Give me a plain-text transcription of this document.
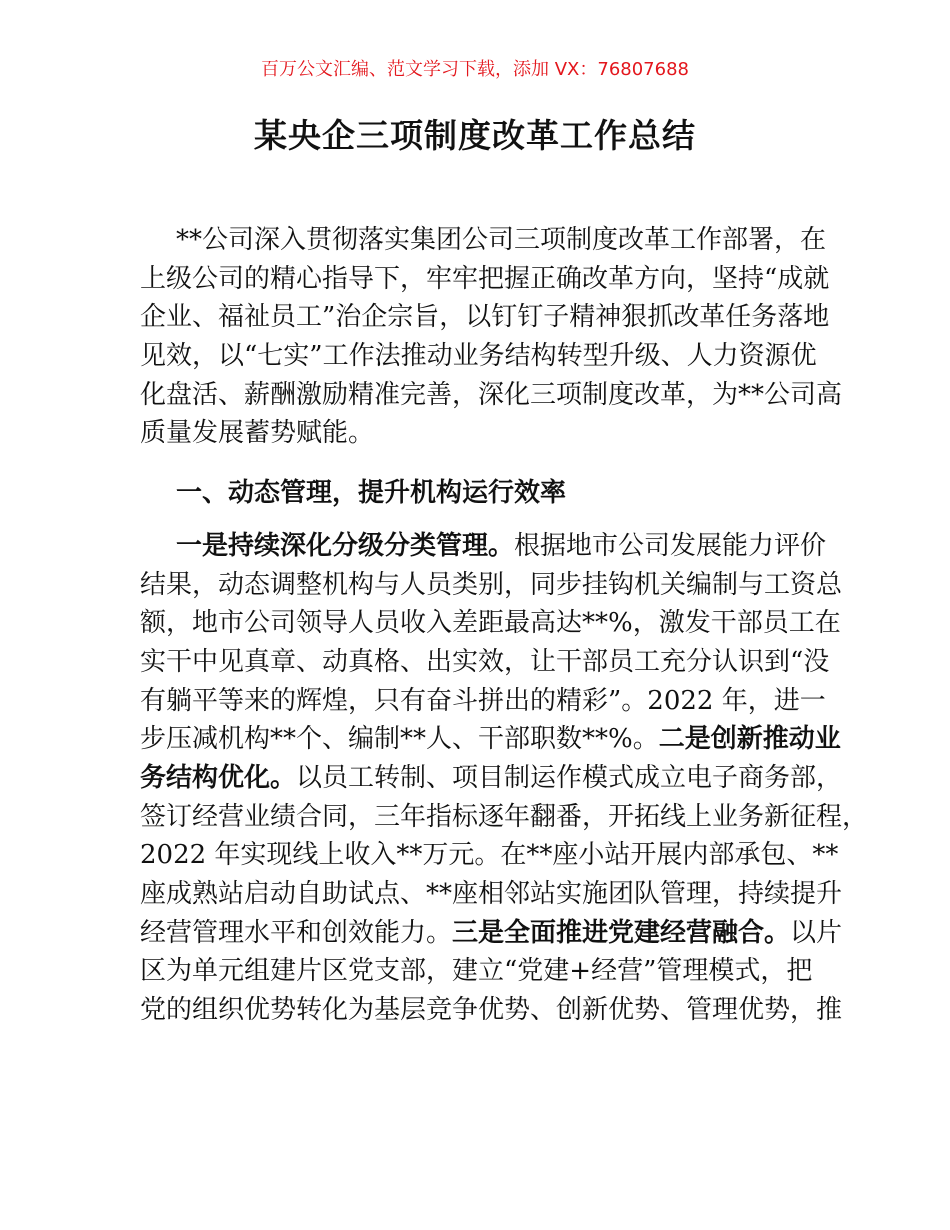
百万公文汇编、范文学习下载，添加 VX：76807688
某央企三项制度改革工作总结
**公司深入贯彻落实集团公司三项制度改革工作部署，在
上级公司的精心指导下，牢牢把握正确改革方向，坚持“成就
企业、福祉员工”治企宗旨，以钉钉子精神狠抓改革任务落地
见效，以“七实”工作法推动业务结构转型升级、人力资源优
化盘活、薪酬激励精准完善，深化三项制度改革，为**公司高
质量发展蓄势赋能。
一、动态管理，提升机构运行效率
一是持续深化分级分类管理。根据地市公司发展能力评价
结果，动态调整机构与人员类别，同步挂钩机关编制与工资总
额，地市公司领导人员收入差距最高达**%，激发干部员工在
实干中见真章、动真格、出实效，让干部员工充分认识到“没
有躺平等来的辉煌，只有奋斗拼出的精彩”。2022 年，进一
步压减机构**个、编制**人、干部职数**%。二是创新推动业
务结构优化。以员工转制、项目制运作模式成立电子商务部，
签订经营业绩合同，三年指标逐年翻番，开拓线上业务新征程，
2022 年实现线上收入**万元。在**座小站开展内部承包、**
座成熟站启动自助试点、**座相邻站实施团队管理，持续提升
经营管理水平和创效能力。三是全面推进党建经营融合。以片
区为单元组建片区党支部，建立“党建+经营”管理模式，把
党的组织优势转化为基层竞争优势、创新优势、管理优势，推
